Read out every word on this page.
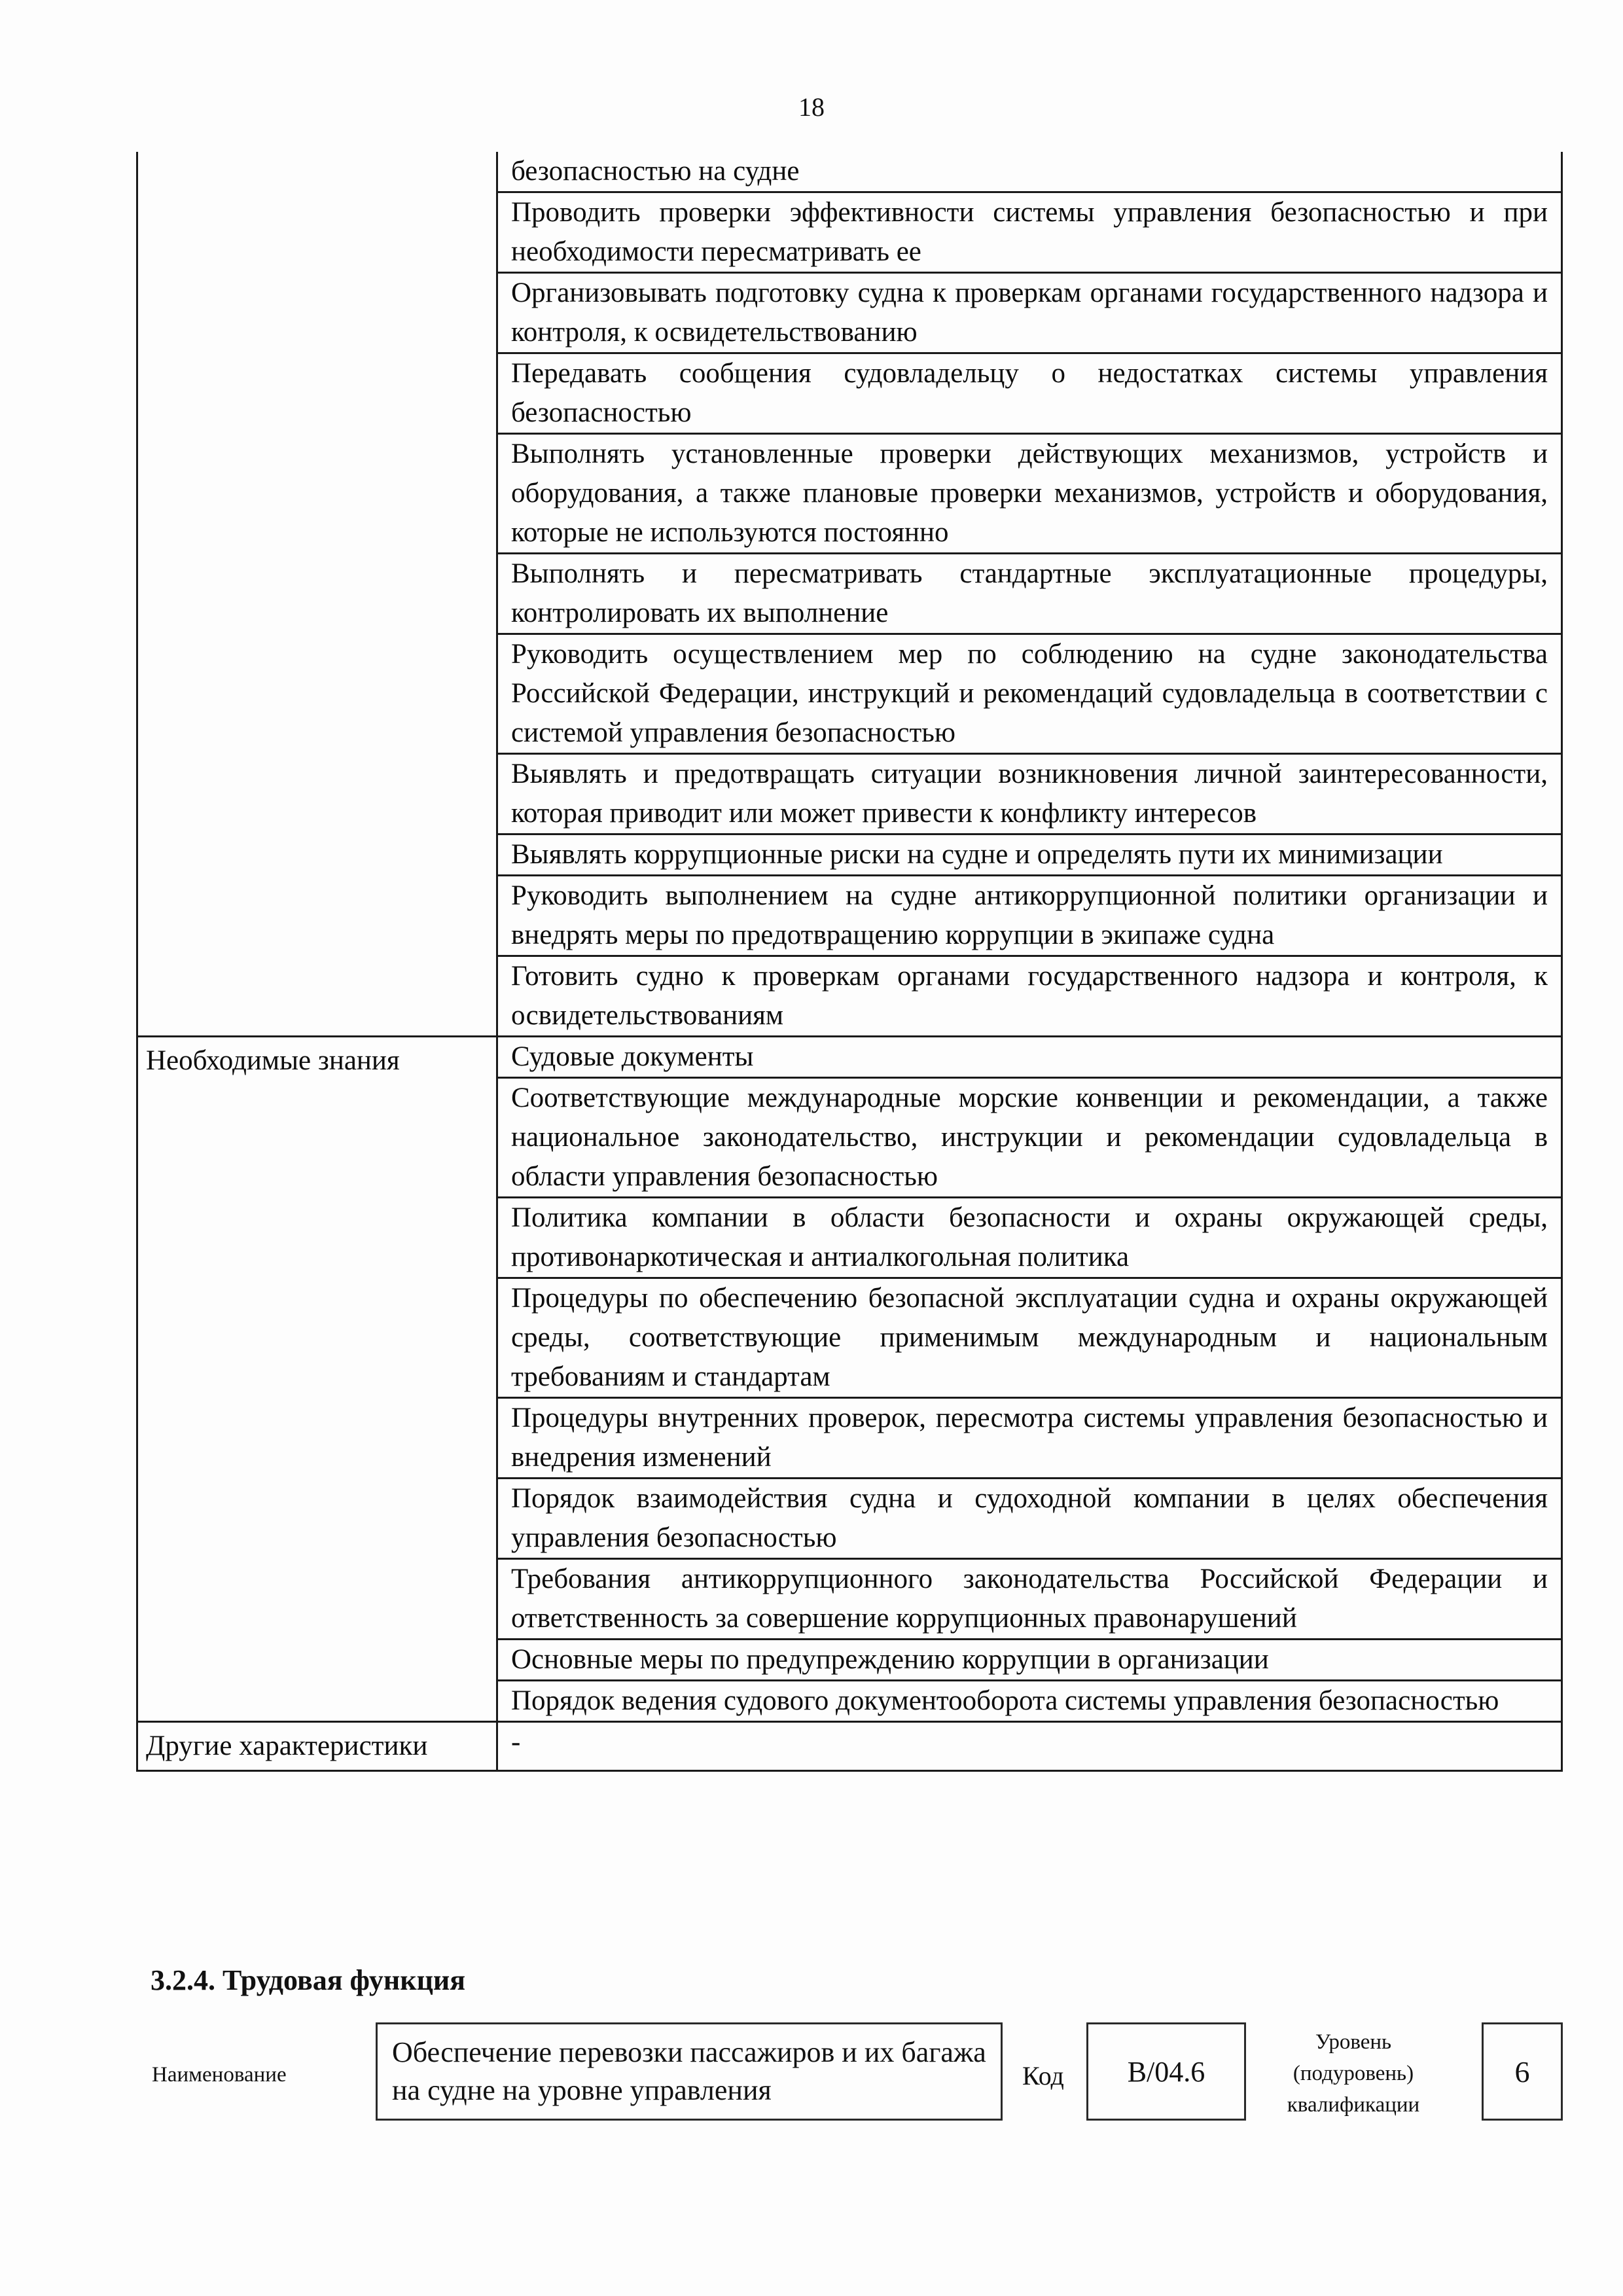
18
	безопасностью на судне
	Проводить проверки эффективности системы управления безопасностью и при необходимости пересматривать ее
	Организовывать подготовку судна к проверкам органами государственного надзора и контроля, к освидетельствованию
	Передавать сообщения судовладельцу о недостатках системы управления безопасностью
	Выполнять установленные проверки действующих механизмов, устройств и оборудования, а также плановые проверки механизмов, устройств и оборудования, которые не используются постоянно
	Выполнять и пересматривать стандартные эксплуатационные процедуры, контролировать их выполнение
	Руководить осуществлением мер по соблюдению на судне законодательства Российской Федерации, инструкций и рекомендаций судовладельца в соответствии с системой управления безопасностью
	Выявлять и предотвращать ситуации возникновения личной заинтересованности, которая приводит или может привести к конфликту интересов
	Выявлять коррупционные риски на судне и определять пути их минимизации
	Руководить выполнением на судне антикоррупционной политики организации и внедрять меры по предотвращению коррупции в экипаже судна
	Готовить судно к проверкам органами государственного надзора и контроля, к освидетельствованиям
Необходимые знания	Судовые документы
	Соответствующие международные морские конвенции и рекомендации, а также национальное законодательство, инструкции и рекомендации судовладельца в области управления безопасностью
	Политика компании в области безопасности и охраны окружающей среды, противонаркотическая и антиалкогольная политика
	Процедуры по обеспечению безопасной эксплуатации судна и охраны окружающей среды, соответствующие применимым международным и национальным требованиям и стандартам
	Процедуры внутренних проверок, пересмотра системы управления безопасностью и внедрения изменений
	Порядок взаимодействия судна и судоходной компании в целях обеспечения управления безопасностью
	Требования антикоррупционного законодательства Российской Федерации и ответственность за совершение коррупционных правонарушений
	Основные меры по предупреждению коррупции в организации
	Порядок ведения судового документооборота системы управления безопасностью
Другие характеристики	-
3.2.4. Трудовая функция
Наименование
Обеспечение перевозки пассажиров и их багажа на судне на уровне управления	Код	B/04.6
Уровень
(подуровень)
квалификации
6
